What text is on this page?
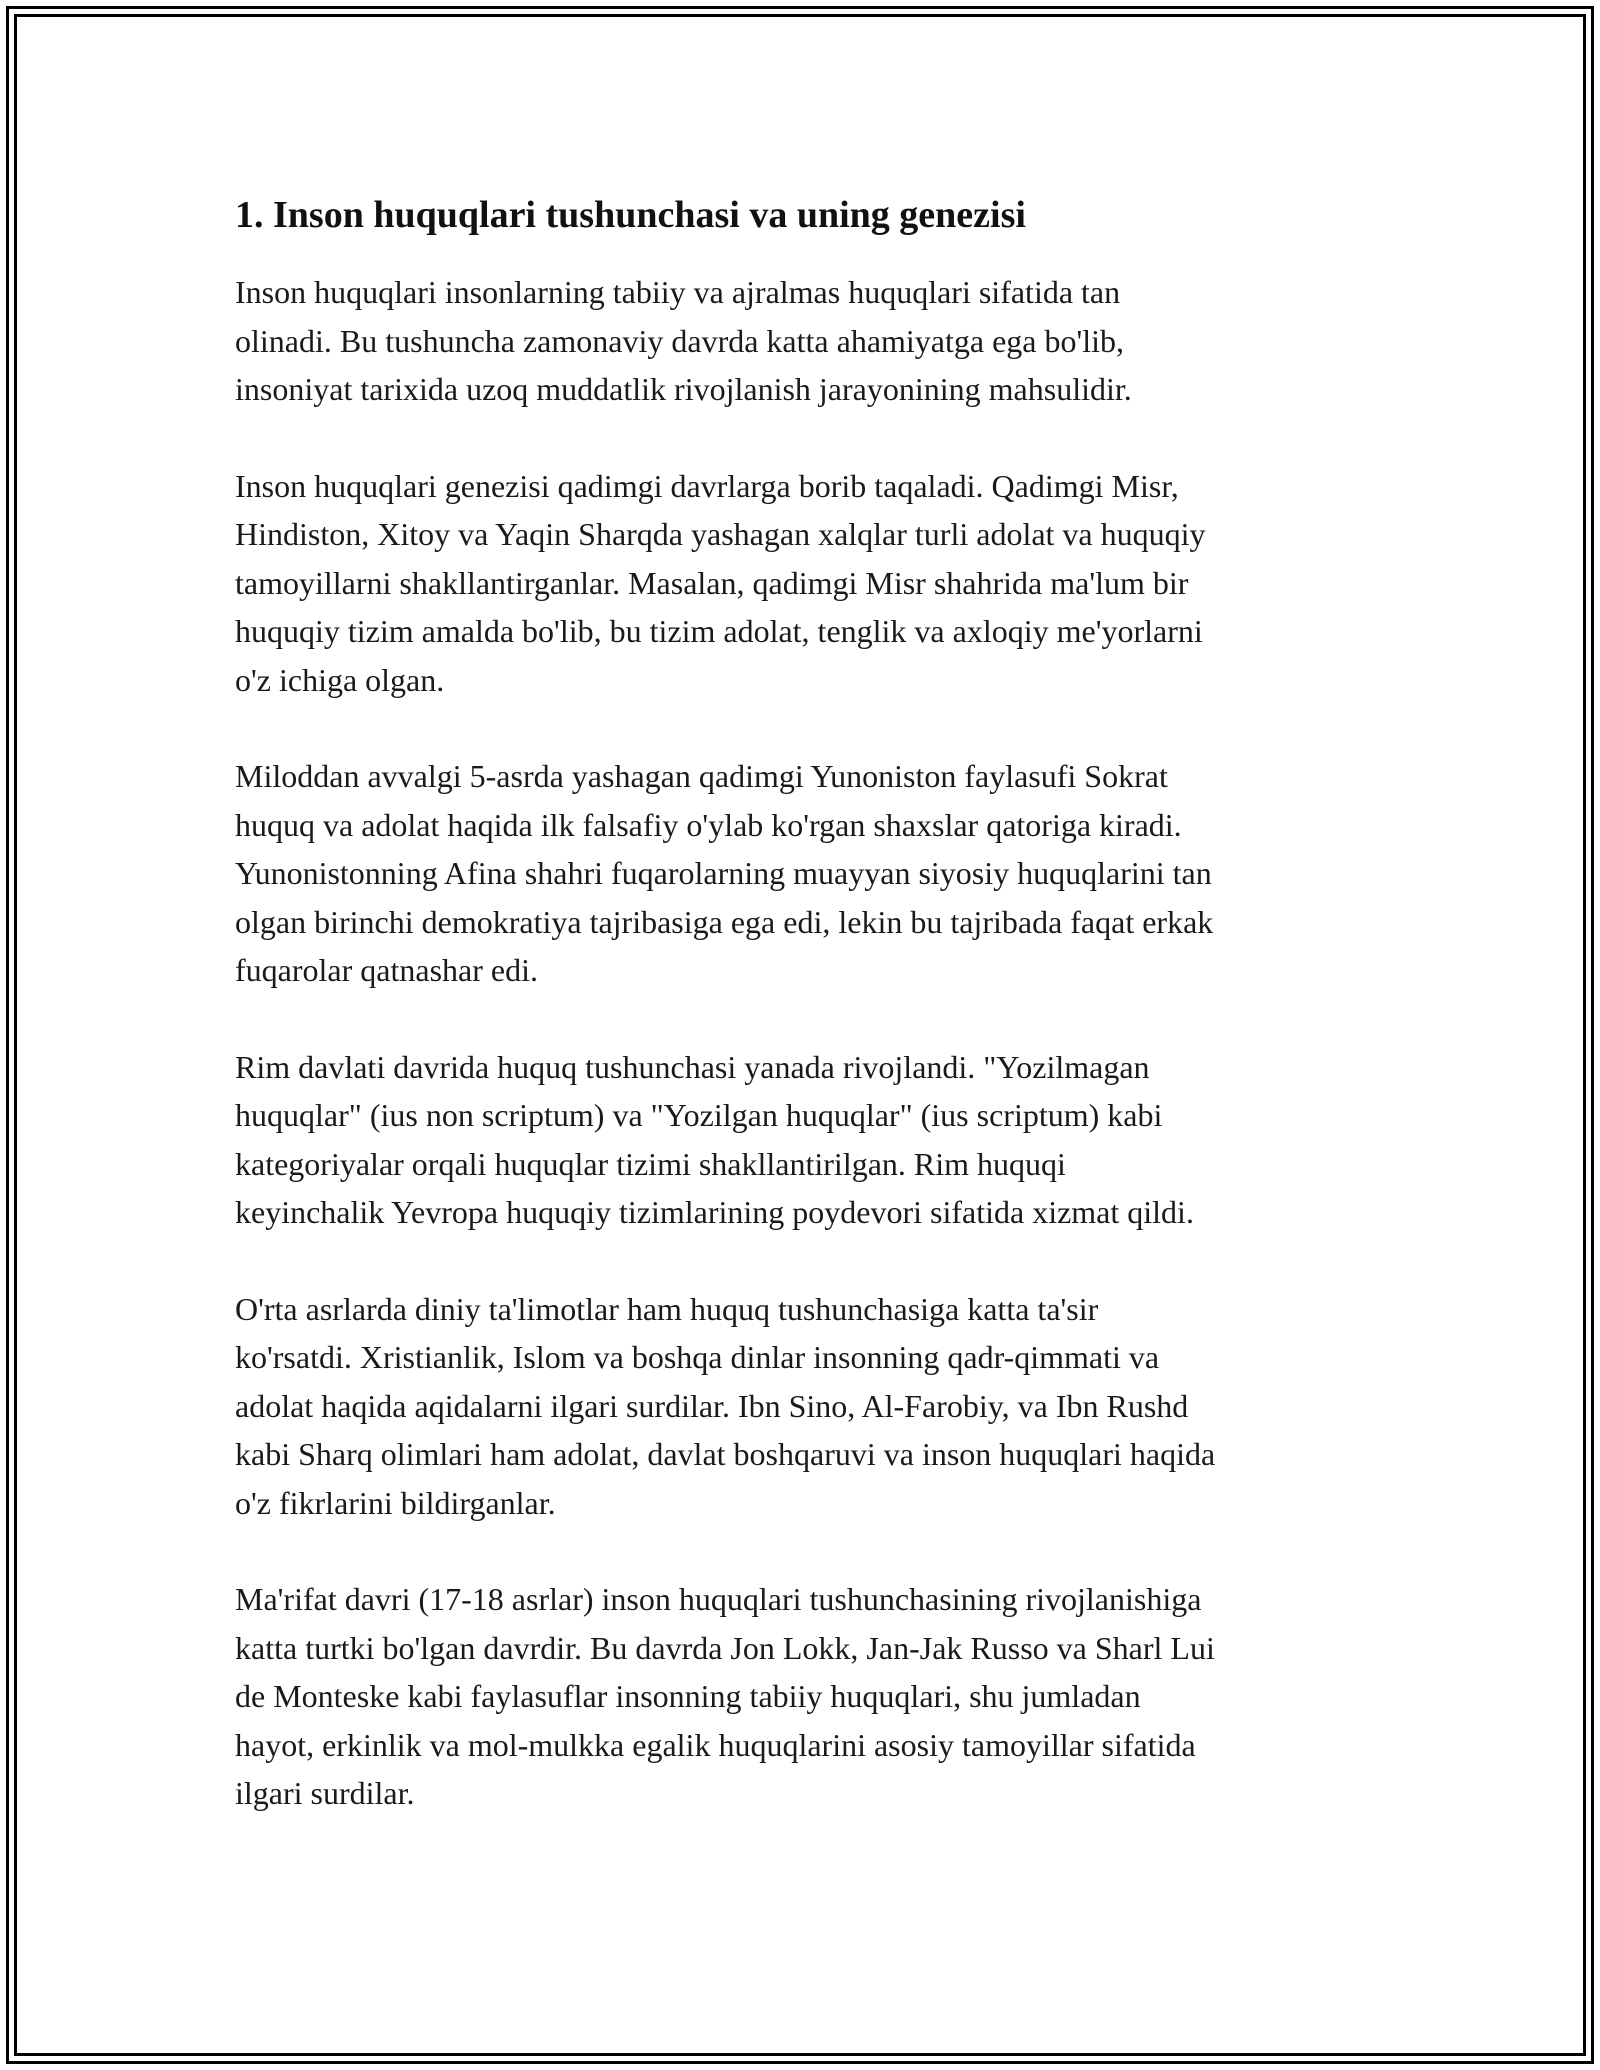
1. Inson huquqlari tushunchasi va uning genezisi

Inson huquqlari insonlarning tabiiy va ajralmas huquqlari sifatida tan
olinadi. Bu tushuncha zamonaviy davrda katta ahamiyatga ega bo'lib,
insoniyat tarixida uzoq muddatlik rivojlanish jarayonining mahsulidir.

Inson huquqlari genezisi qadimgi davrlarga borib taqaladi. Qadimgi Misr,
Hindiston, Xitoy va Yaqin Sharqda yashagan xalqlar turli adolat va huquqiy
tamoyillarni shakllantirganlar. Masalan, qadimgi Misr shahrida ma'lum bir
huquqiy tizim amalda bo'lib, bu tizim adolat, tenglik va axloqiy me'yorlarni
o'z ichiga olgan.

Miloddan avvalgi 5-asrda yashagan qadimgi Yunoniston faylasufi Sokrat
huquq va adolat haqida ilk falsafiy o'ylab ko'rgan shaxslar qatoriga kiradi.
Yunonistonning Afina shahri fuqarolarning muayyan siyosiy huquqlarini tan
olgan birinchi demokratiya tajribasiga ega edi, lekin bu tajribada faqat erkak
fuqarolar qatnashar edi.

Rim davlati davrida huquq tushunchasi yanada rivojlandi. "Yozilmagan
huquqlar" (ius non scriptum) va "Yozilgan huquqlar" (ius scriptum) kabi
kategoriyalar orqali huquqlar tizimi shakllantirilgan. Rim huquqi
keyinchalik Yevropa huquqiy tizimlarining poydevori sifatida xizmat qildi.

O'rta asrlarda diniy ta'limotlar ham huquq tushunchasiga katta ta'sir
ko'rsatdi. Xristianlik, Islom va boshqa dinlar insonning qadr-qimmati va
adolat haqida aqidalarni ilgari surdilar. Ibn Sino, Al-Farobiy, va Ibn Rushd
kabi Sharq olimlari ham adolat, davlat boshqaruvi va inson huquqlari haqida
o'z fikrlarini bildirganlar.

Ma'rifat davri (17-18 asrlar) inson huquqlari tushunchasining rivojlanishiga
katta turtki bo'lgan davrdir. Bu davrda Jon Lokk, Jan-Jak Russo va Sharl Lui
de Monteske kabi faylasuflar insonning tabiiy huquqlari, shu jumladan
hayot, erkinlik va mol-mulkka egalik huquqlarini asosiy tamoyillar sifatida
ilgari surdilar.
